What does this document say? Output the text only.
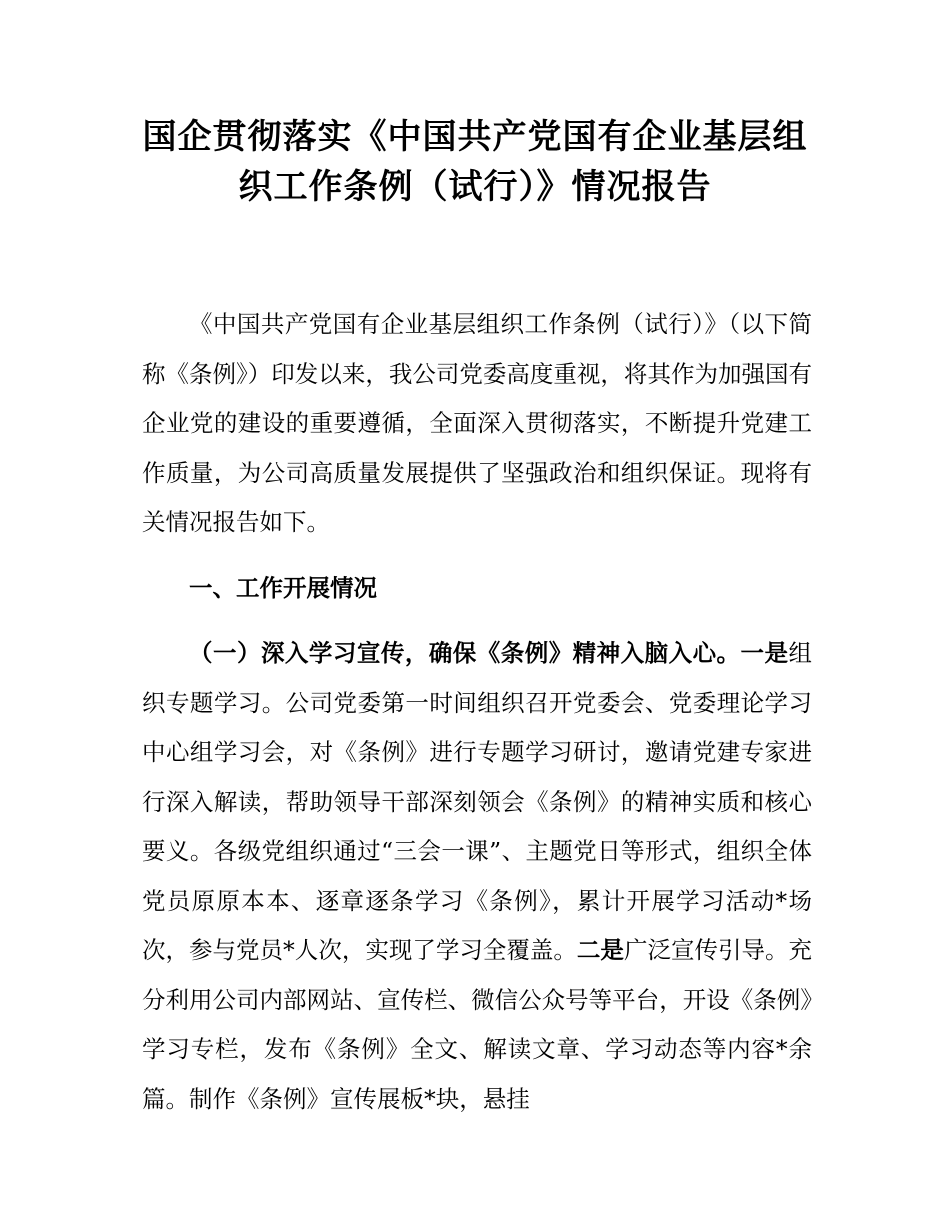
国企贯彻落实《中国共产党国有企业基层组
织工作条例（试行）》情况报告

《中国共产党国有企业基层组织工作条例（试行）》（以下简称《条例》）印发以来，我公司党委高度重视，将其作为加强国有企业党的建设的重要遵循，全面深入贯彻落实，不断提升党建工作质量，为公司高质量发展提供了坚强政治和组织保证。现将有关情况报告如下。

一、工作开展情况

（一）深入学习宣传，确保《条例》精神入脑入心。一是组织专题学习。公司党委第一时间组织召开党委会、党委理论学习中心组学习会，对《条例》进行专题学习研讨，邀请党建专家进行深入解读，帮助领导干部深刻领会《条例》的精神实质和核心要义。各级党组织通过“三会一课”、主题党日等形式，组织全体党员原原本本、逐章逐条学习《条例》，累计开展学习活动*场次，参与党员*人次，实现了学习全覆盖。二是广泛宣传引导。充分利用公司内部网站、宣传栏、微信公众号等平台，开设《条例》学习专栏，发布《条例》全文、解读文章、学习动态等内容*余篇。制作《条例》宣传展板*块，悬挂
